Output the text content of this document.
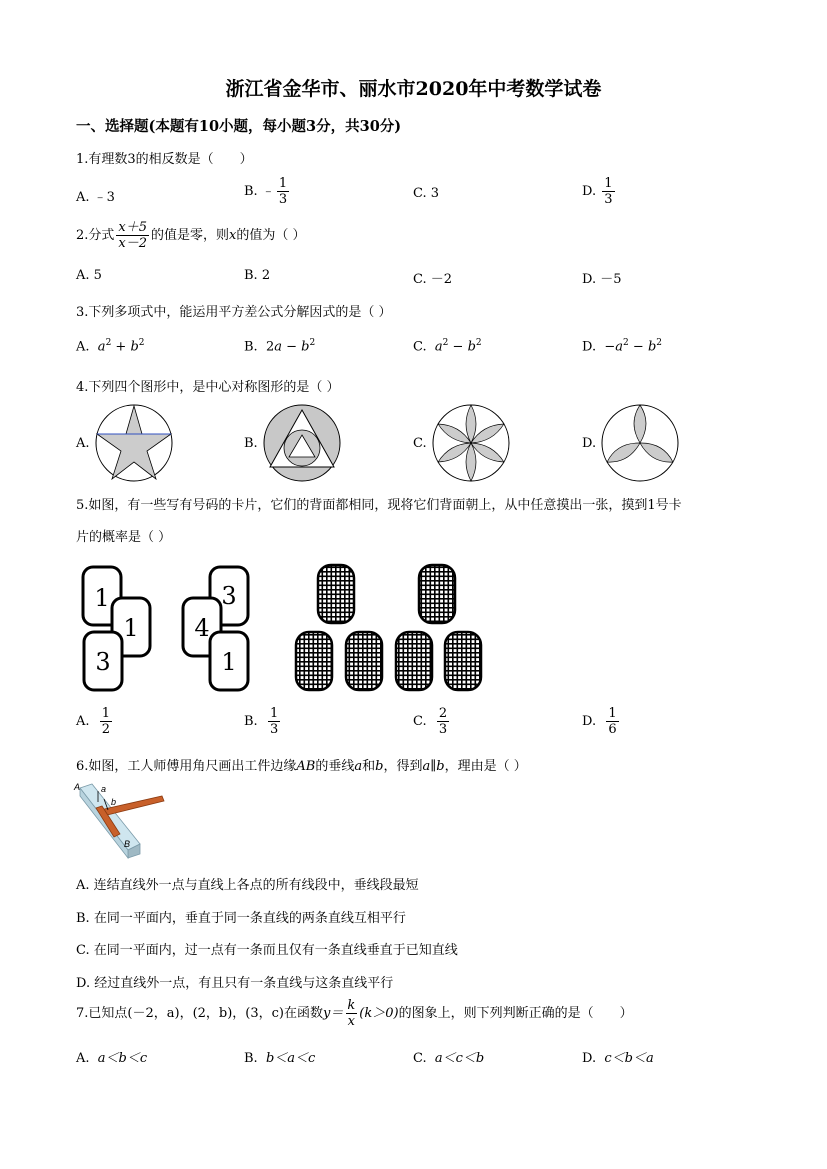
浙江省金华市、丽水市2020年中考数学试卷
一、选择题(本题有10小题，每小题3分，共30分)
1.有理数3的相反数是（　　）
A. ﹣3	B. ﹣ $\frac{1}{3}$	C. 3	D. $\frac{1}{3}$
2.分式 $\frac{x+5}{x-2}$ 的值是零，则x的值为（ ）
A. 5	B. 2	C. －2	D. －5
3.下列多项式中，能运用平方差公式分解因式的是（ ）
A. $a^2 + b^2$	B.  $2a - b^2$	C. $a^2 - b^2$	D.  $-a^2 - b^2$
4.下列四个图形中，是中心对称图形的是（ ）
A.	B.	C.	D.
5.如图，有一些写有号码的卡片，它们的背面都相同，现将它们背面朝上，从中任意摸出一张，摸到1号卡
片的概率是（ ）
1
1
3
3
4
1
A. $\frac{1}{2}$	B. $\frac{1}{3}$	C. $\frac{2}{3}$	D. $\frac{1}{6}$
6.如图，工人师傅用角尺画出工件边缘AB的垂线a和b，得到a∥b，理由是（ ）
A a
b
B
A. 连结直线外一点与直线上各点的所有线段中，垂线段最短
B. 在同一平面内，垂直于同一条直线的两条直线互相平行
C. 在同一平面内，过一点有一条而且仅有一条直线垂直于已知直线
D. 经过直线外一点，有且只有一条直线与这条直线平行
7.已知点(－2，a)，(2，b)，(3，c)在函数$y= \frac{k}{x} (k>0)$的图象上，则下列判断正确的是（　　）
A. a＜b＜c	B. b＜a＜c	C. a＜c＜b	D. c＜b＜a
